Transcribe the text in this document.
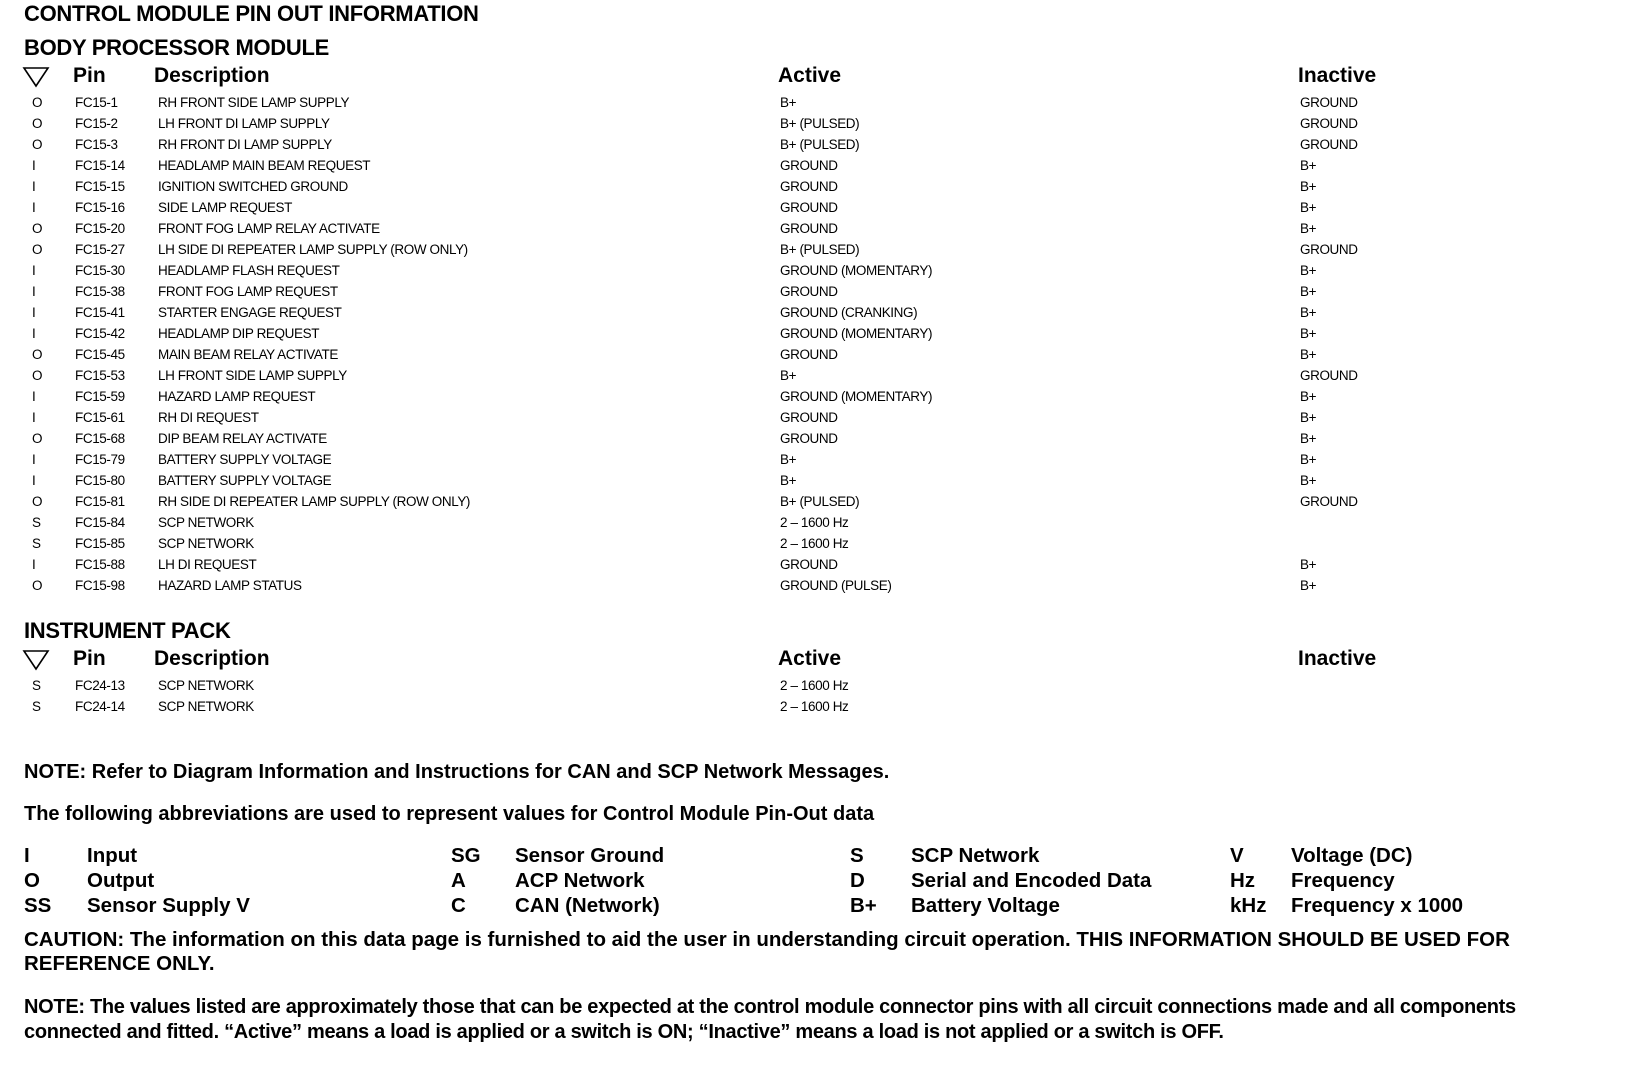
CONTROL MODULE PIN OUT INFORMATION
BODY PROCESSOR MODULE
Pin Description	Active	Inactive
O FC15-1	RH FRONT SIDE LAMP SUPPLY	B+	GROUND
O FC15-2	LH FRONT DI LAMP SUPPLY	B+ (PULSED)	GROUND
O FC15-3	RH FRONT DI LAMP SUPPLY	B+ (PULSED)	GROUND
I	FC15-14 HEADLAMP MAIN BEAM REQUEST	GROUND	B+
I	FC15-15 IGNITION SWITCHED GROUND	GROUND	B+
I	FC15-16 SIDE LAMP REQUEST	GROUND	B+
O FC15-20 FRONT FOG LAMP RELAY ACTIVATE	GROUND	B+
O FC15-27 LH SIDE DI REPEATER LAMP SUPPLY (ROW ONLY)	B+ (PULSED)	GROUND
I	FC15-30 HEADLAMP FLASH REQUEST	GROUND (MOMENTARY)	B+
I	FC15-38 FRONT FOG LAMP REQUEST	GROUND	B+
I	FC15-41 STARTER ENGAGE REQUEST	GROUND (CRANKING)	B+
I	FC15-42 HEADLAMP DIP REQUEST	GROUND (MOMENTARY)	B+
O FC15-45 MAIN BEAM RELAY ACTIVATE	GROUND	B+
O FC15-53 LH FRONT SIDE LAMP SUPPLY	B+	GROUND
I	FC15-59 HAZARD LAMP REQUEST	GROUND (MOMENTARY)	B+
I	FC15-61 RH DI REQUEST	GROUND	B+
O FC15-68 DIP BEAM RELAY ACTIVATE	GROUND	B+
I	FC15-79 BATTERY SUPPLY VOLTAGE	B+	B+
I	FC15-80 BATTERY SUPPLY VOLTAGE	B+	B+
O FC15-81 RH SIDE DI REPEATER LAMP SUPPLY (ROW ONLY)	B+ (PULSED)	GROUND
S	FC15-84 SCP NETWORK	2 – 1600 Hz
S	FC15-85 SCP NETWORK	2 – 1600 Hz
I	FC15-88 LH DI REQUEST	GROUND	B+
O FC15-98 HAZARD LAMP STATUS	GROUND (PULSE)	B+
INSTRUMENT PACK
Pin Description	Active	Inactive
S	FC24-13 SCP NETWORK	2 – 1600 Hz
S	FC24-14 SCP NETWORK	2 – 1600 Hz
NOTE: Refer to Diagram Information and Instructions for CAN and SCP Network Messages.
The following abbreviations are used to represent values for Control Module Pin-Out data
I	Input	SG Sensor Ground	S SCP Network	V Voltage (DC)
O Output	A ACP Network	D Serial and Encoded Data	Hz Frequency
SS Sensor Supply V	C CAN (Network)	B+ Battery Voltage	kHz Frequency x 1000
CAUTION: The information on this data page is furnished to aid the user in understanding circuit operation. THIS INFORMATION SHOULD BE USED FOR REFERENCE ONLY.
NOTE: The values listed are approximately those that can be expected at the control module connector pins with all circuit connections made and all components connected and fitted. “Active” means a load is applied or a switch is ON; “Inactive” means a load is not applied or a switch is OFF.
